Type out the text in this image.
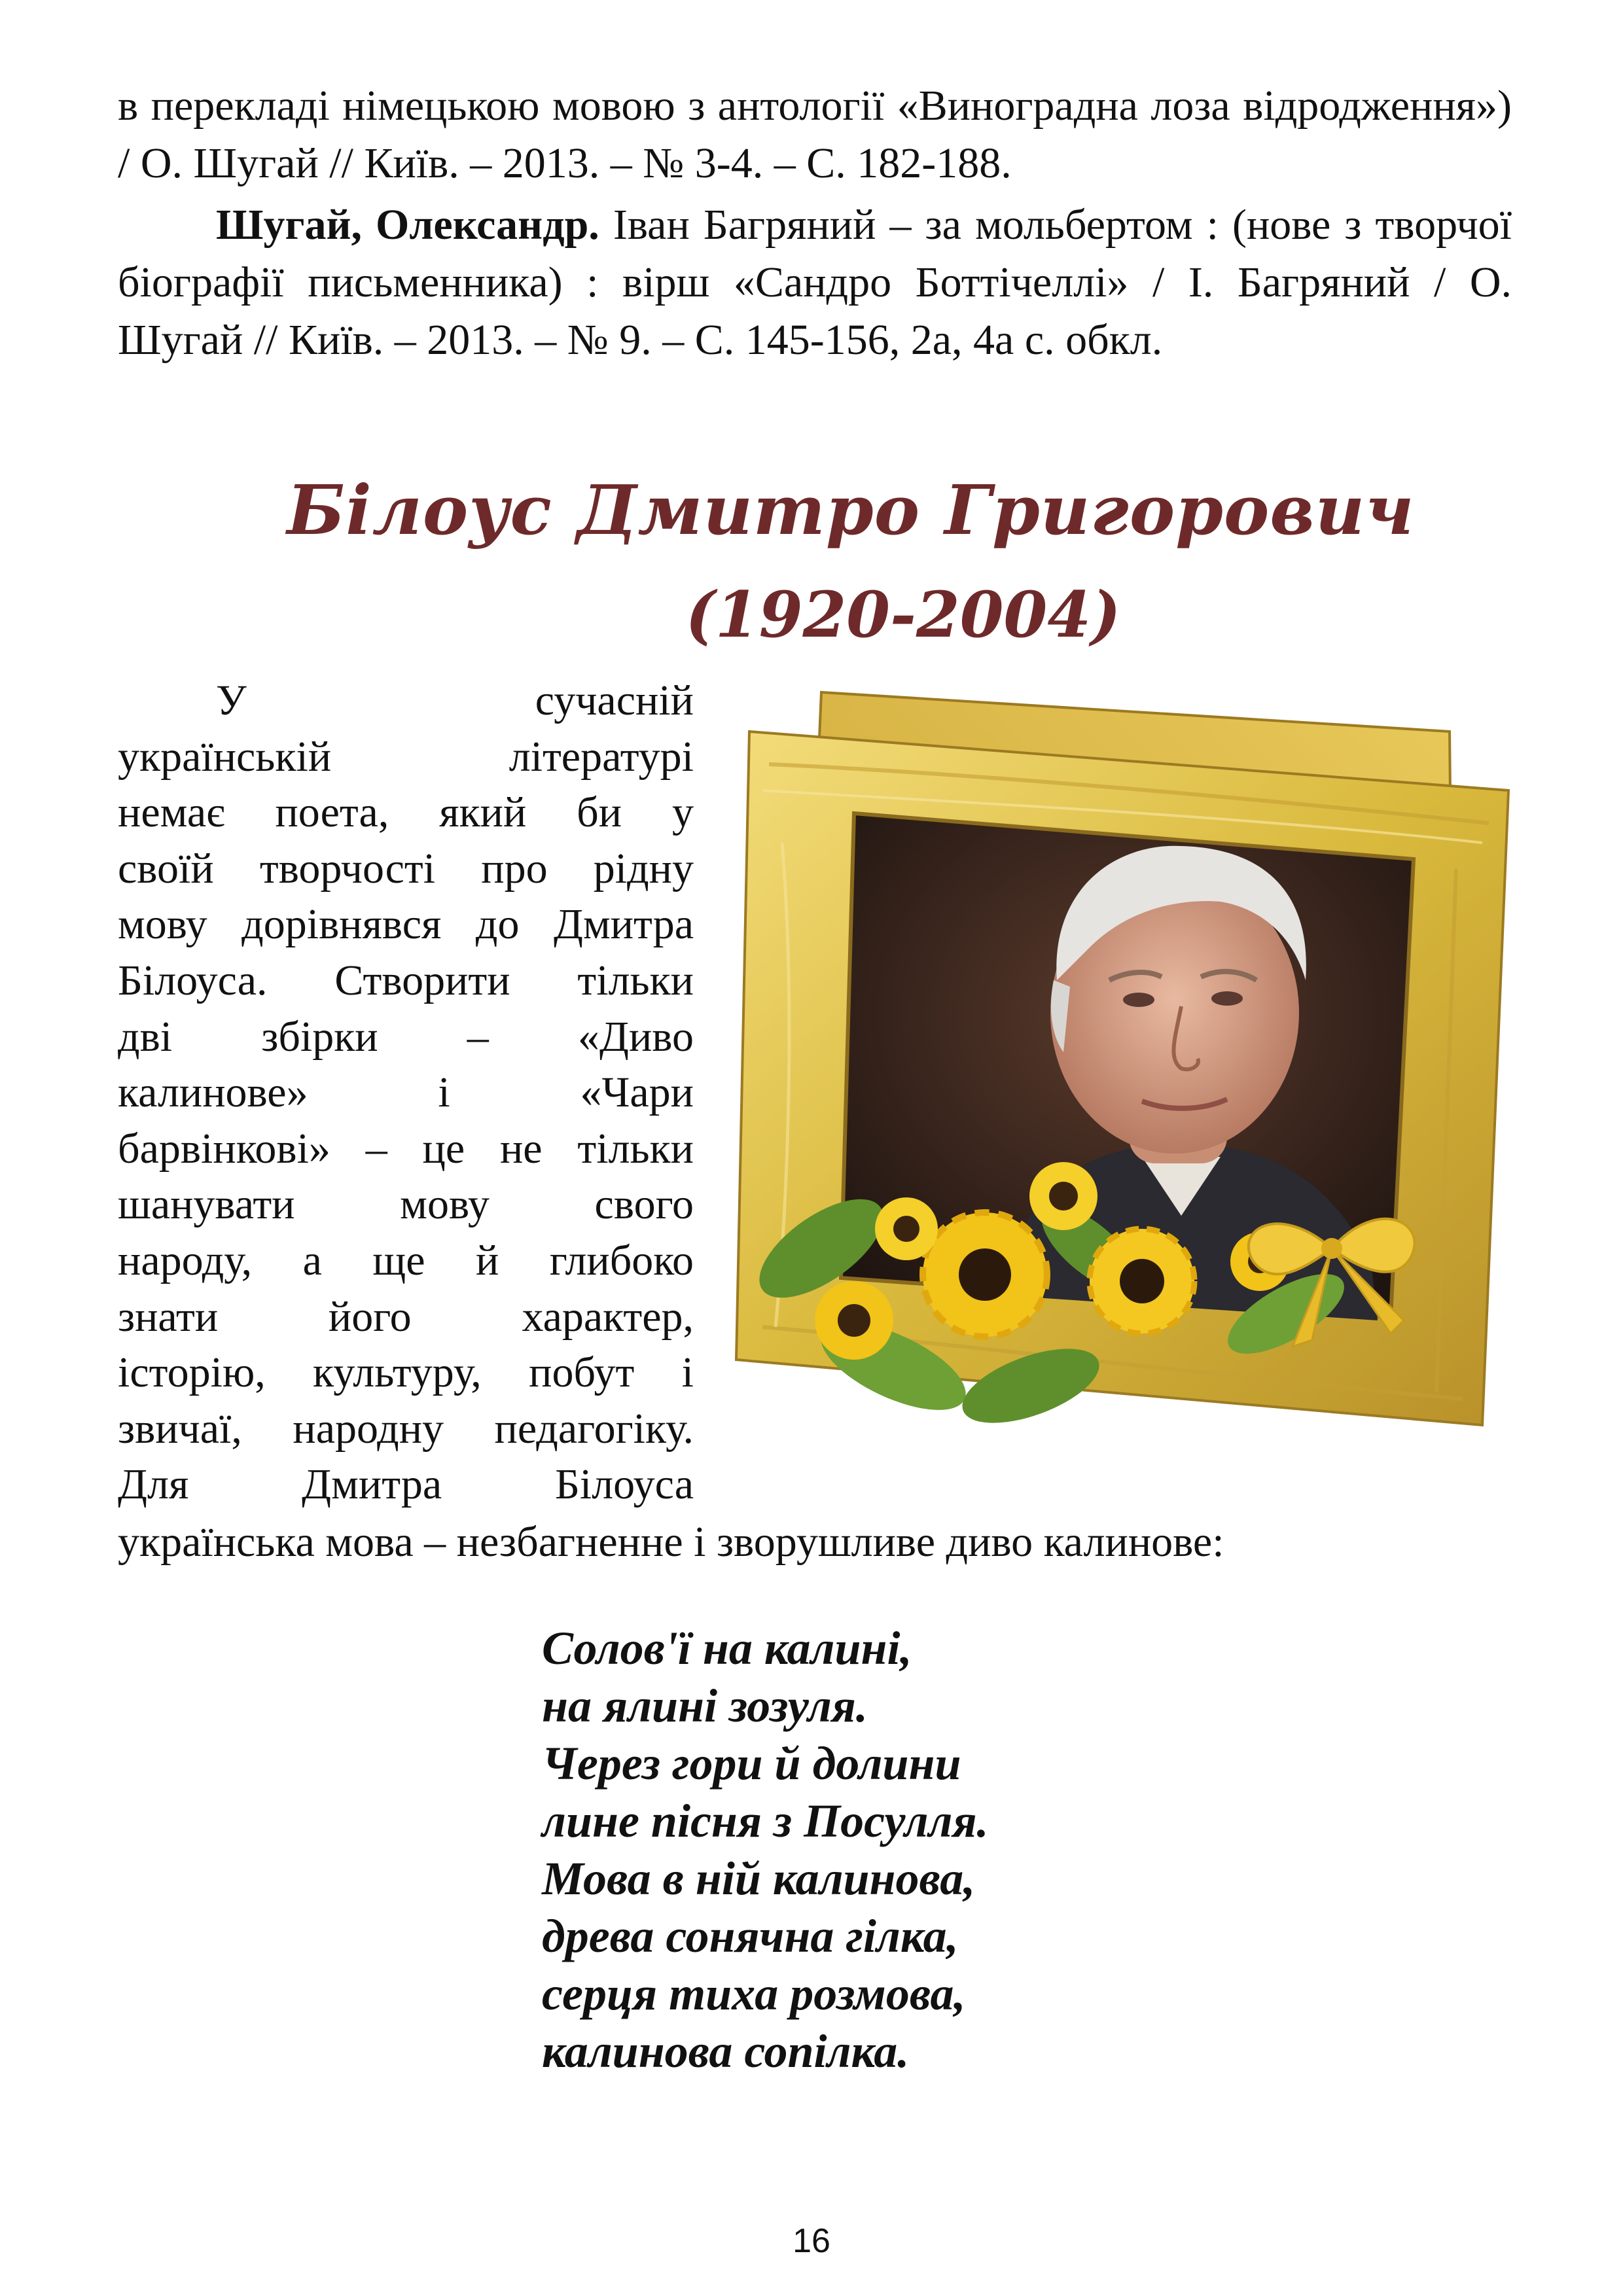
в перекладі німецькою мовою з антології «Виноградна лоза відродження») / О. Шугай // Київ. – 2013. – № 3-4. – С. 182-188.

Шугай, Олександр. Іван Багряний – за мольбертом : (нове з творчої біографії письменника) : вірш «Сандро Боттічеллі» / І. Багряний / О. Шугай // Київ. – 2013. – № 9. – С. 145-156, 2а, 4а с. обкл.

Білоус Дмитро Григорович
(1920-2004)
У сучасній
українській літературі
немає поета, який би у
своїй творчості про рідну
мову дорівнявся до Дмитра
Білоуса. Створити тільки
дві збірки – «Диво
калинове» і «Чари
барвінкові» – це не тільки
шанувати мову свого
народу, а ще й глибоко
знати його характер,
історію, культуру, побут і
звичаї, народну педагогіку.
Для Дмитра Білоуса

українська мова – незбагненне і зворушливе диво калинове:

Солов'ї на калині,
на ялині зозуля.
Через гори й долини
лине пісня з Посулля.
Мова в ній калинова,
древа сонячна гілка,
серця тиха розмова,
калинова сопілка.

16
